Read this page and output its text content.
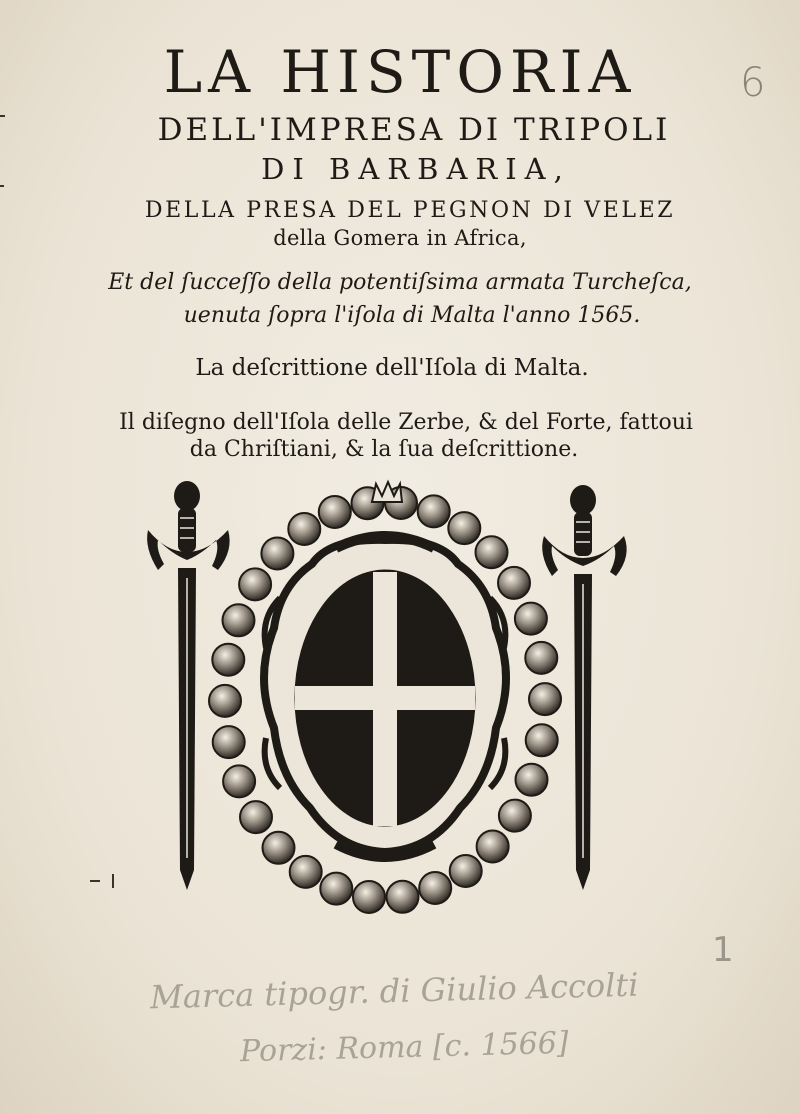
LA HISTORIA
DELL'IMPRESA DI TRIPOLI
DI BARBARIA,
DELLA PRESA DEL PEGNON DI VELEZ
della Gomera in Africa,
Et del ſucceſſo della potentiſsima armata Turcheſca,
uenuta ſopra l'iſola di Malta l'anno 1565.
La deſcrittione dell'Iſola di Malta.
Il diſegno dell'Iſola delle Zerbe, & del Forte, fattoui
da Chriſtiani, & la ſua deſcrittione.
6
1
Marca tipogr. di Giulio Accolti
Porzi: Roma [c. 1566]
